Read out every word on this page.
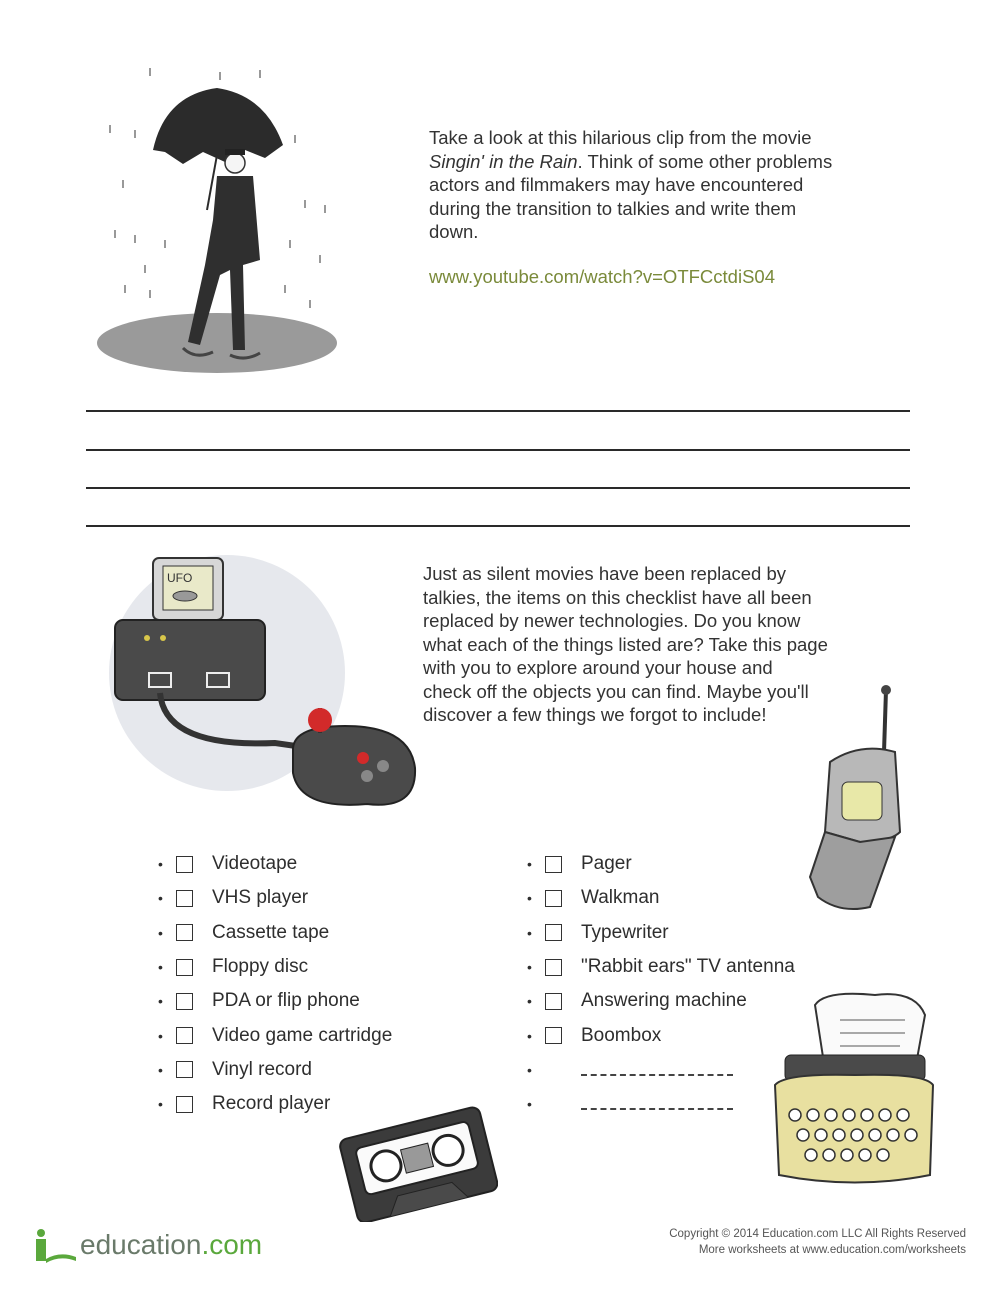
Take a look at this hilarious clip from the movie
Singin' in the Rain. Think of some other problems
actors and filmmakers may have encountered
during the transition to talkies and write them
down.
www.youtube.com/watch?v=OTFCctdiS04
UFO	Just as silent movies have been replaced by
talkies, the items on this checklist have all been
replaced by newer technologies. Do you know
what each of the things listed are? Take this page
with you to explore around your house and
check off the objects you can find. Maybe you'll
discover a few things we forgot to include!
•	Videotape
•	VHS player
•	Cassette tape
•	Floppy disc
•	PDA or flip phone
•	Video game cartridge
•	Vinyl record
•	Record player
•	Pager
•	Walkman
•	Typewriter
•	"Rabbit ears" TV antenna
•	Answering machine
•	Boombox
•
•
education .com	Copyright © 2014 Education.com LLC All Rights Reserved
More worksheets at www.education.com/worksheets
